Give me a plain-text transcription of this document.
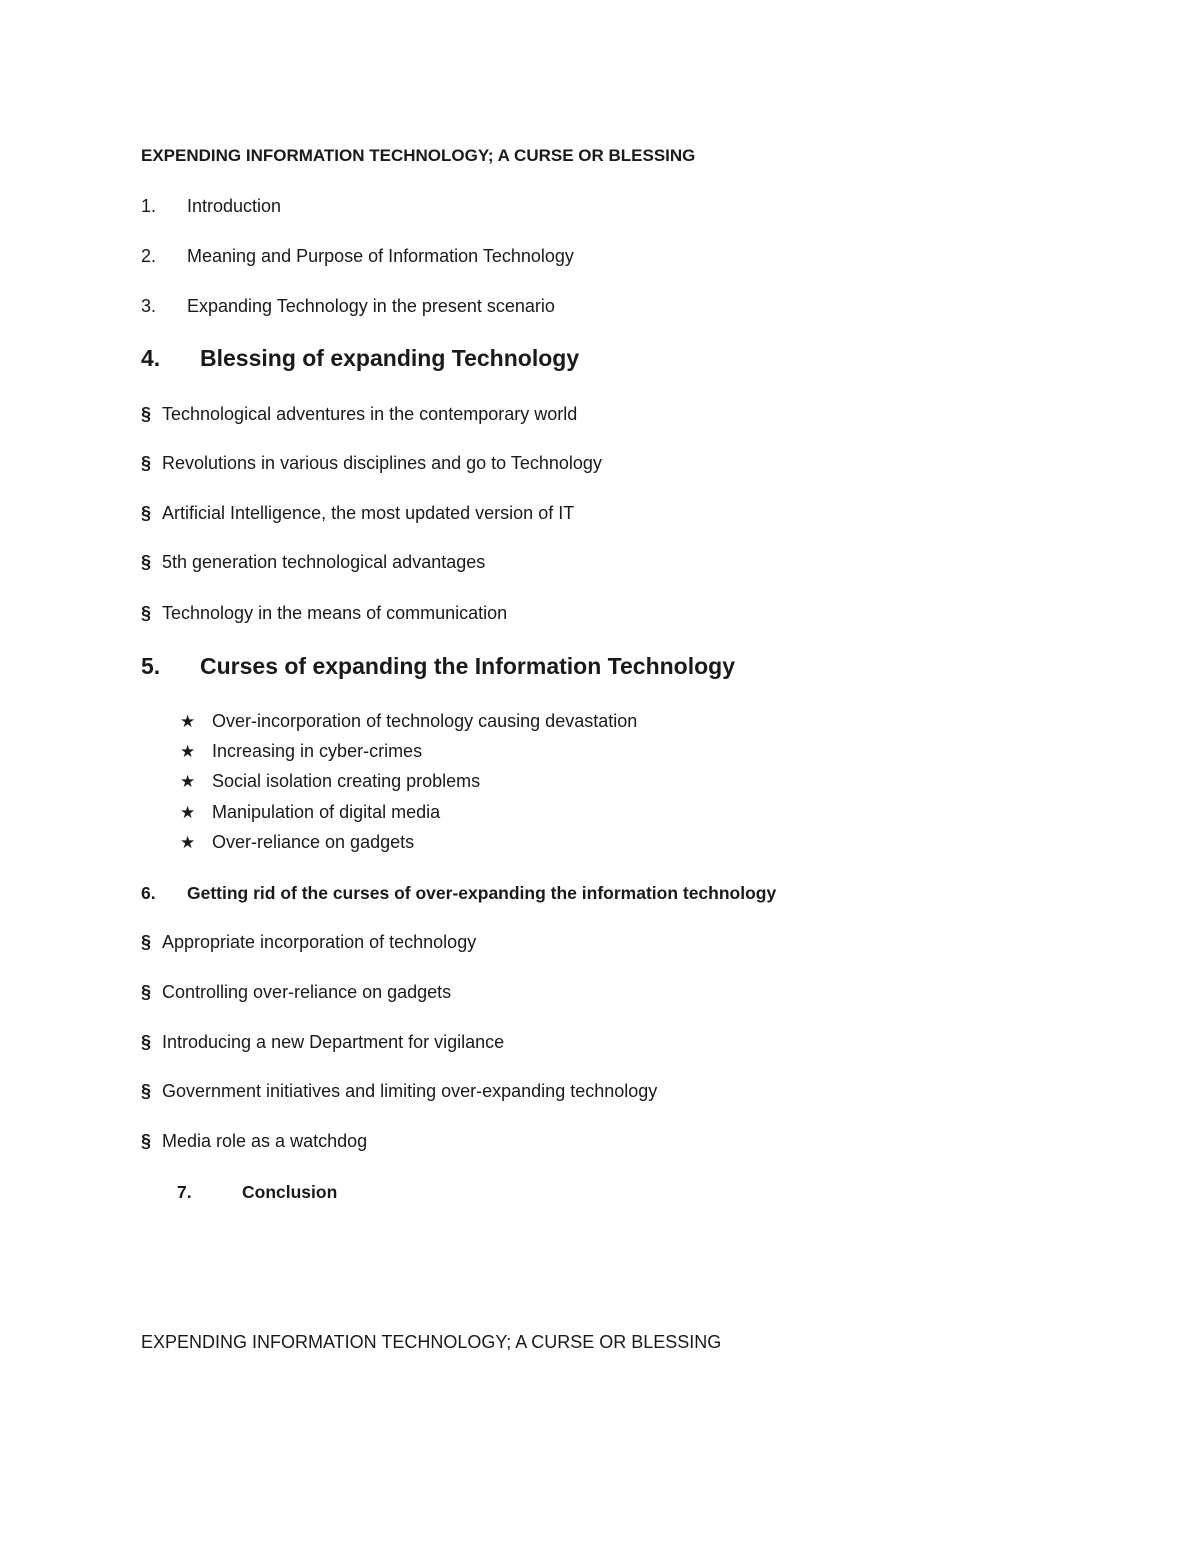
EXPENDING INFORMATION TECHNOLOGY; A CURSE OR BLESSING
1. Introduction
2. Meaning and Purpose of Information Technology
3. Expanding Technology in the present scenario
4. Blessing of expanding Technology
§ Technological adventures in the contemporary world
§ Revolutions in various disciplines and go to Technology
§ Artificial Intelligence, the most updated version of IT
§ 5th generation technological advantages
§ Technology in the means of communication
5. Curses of expanding the Information Technology
★ Over-incorporation of technology causing devastation
★ Increasing in cyber-crimes
★ Social isolation creating problems
★ Manipulation of digital media
★ Over-reliance on gadgets
6. Getting rid of the curses of over-expanding the information technology
§ Appropriate incorporation of technology
§ Controlling over-reliance on gadgets
§ Introducing a new Department for vigilance
§ Government initiatives and limiting over-expanding technology
§ Media role as a watchdog
7.	Conclusion
EXPENDING INFORMATION TECHNOLOGY; A CURSE OR BLESSING
